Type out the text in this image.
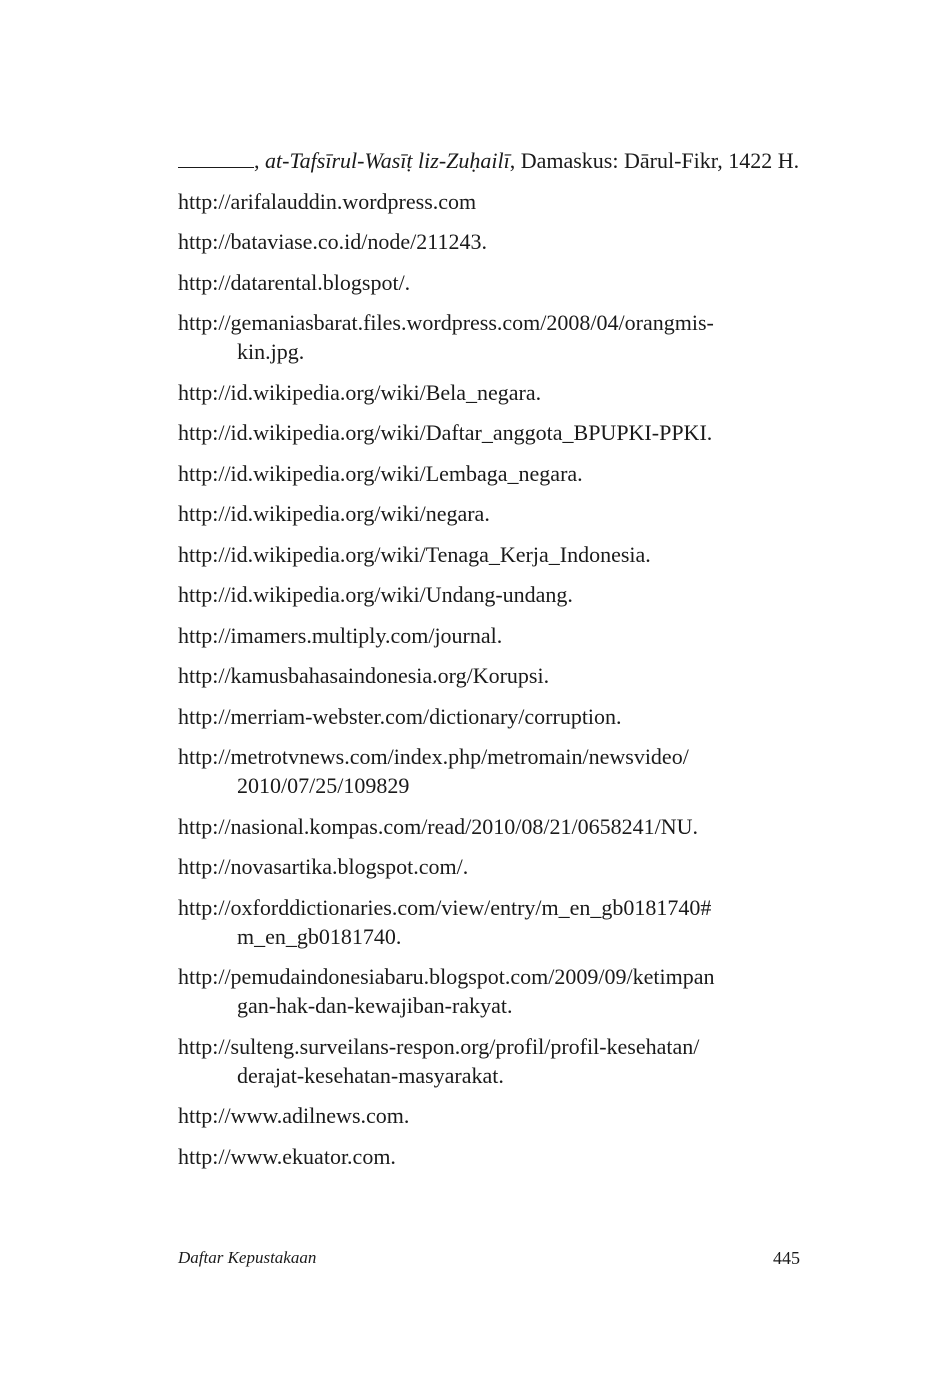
, at-Tafsīrul-Wasīṭ liz-Zuḥailī, Damaskus: Dārul-Fikr, 1422 H.

http://arifalauddin.wordpress.com

http://bataviase.co.id/node/211243.

http://datarental.blogspot/.

http://gemaniasbarat.files.wordpress.com/2008/04/orangmis-
kin.jpg.

http://id.wikipedia.org/wiki/Bela_negara.

http://id.wikipedia.org/wiki/Daftar_anggota_BPUPKI-PPKI.

http://id.wikipedia.org/wiki/Lembaga_negara.

http://id.wikipedia.org/wiki/negara.

http://id.wikipedia.org/wiki/Tenaga_Kerja_Indonesia.

http://id.wikipedia.org/wiki/Undang-undang.

http://imamers.multiply.com/journal.

http://kamusbahasaindonesia.org/Korupsi.

http://merriam-webster.com/dictionary/corruption.

http://metrotvnews.com/index.php/metromain/newsvideo/
2010/07/25/109829

http://nasional.kompas.com/read/2010/08/21/0658241/NU.

http://novasartika.blogspot.com/.

http://oxforddictionaries.com/view/entry/m_en_gb0181740#
m_en_gb0181740.

http://pemudaindonesiabaru.blogspot.com/2009/09/ketimpan
gan-hak-dan-kewajiban-rakyat.

http://sulteng.surveilans-respon.org/profil/profil-kesehatan/
derajat-kesehatan-masyarakat.

http://www.adilnews.com.

http://www.ekuator.com.

Daftar Kepustakaan	445
